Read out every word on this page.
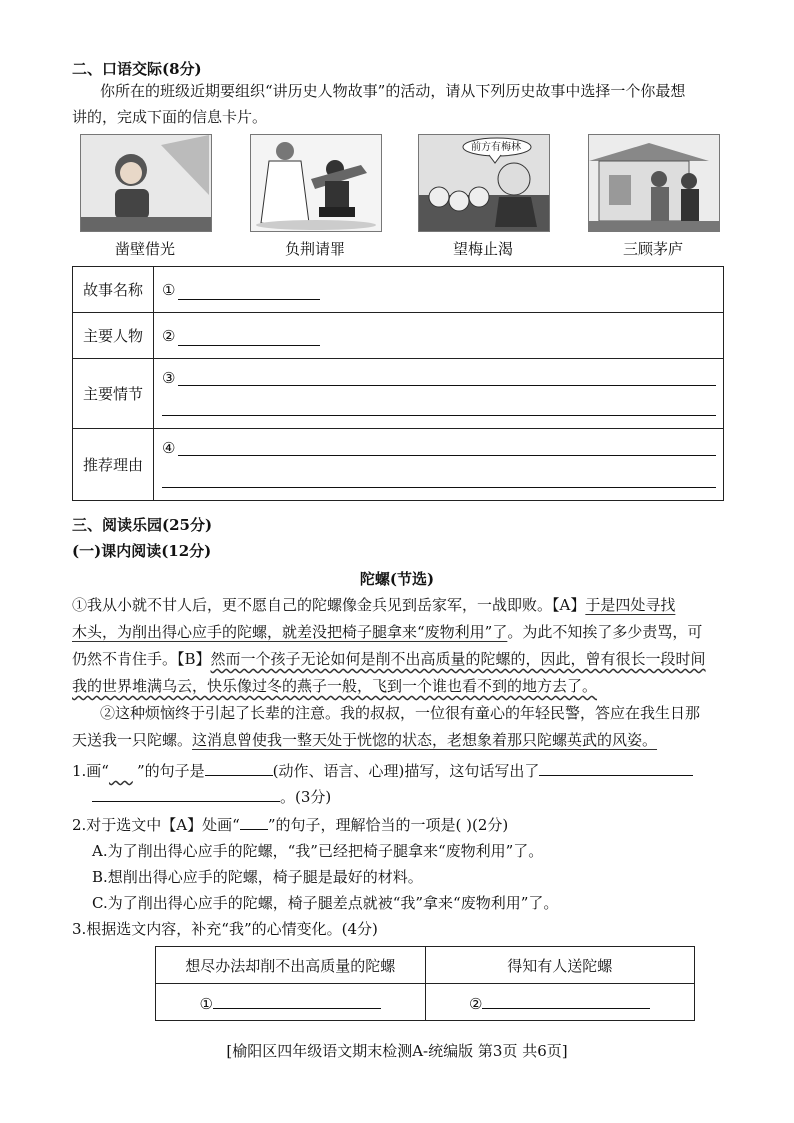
二、口语交际(8分)
你所在的班级近期要组织“讲历史人物故事”的活动，请从下列历史故事中选择一个你最想
讲的，完成下面的信息卡片。
凿壁借光	负荆请罪
前方有梅林
望梅止渴	三顾茅庐
故事名称	①

主要人物	②

主要情节	③

推荐理由	④
三、阅读乐园(25分)
(一)课内阅读(12分)
陀螺(节选)
①我从小就不甘人后，更不愿自己的陀螺像金兵见到岳家军，一战即败。【A】于是四处寻找
木头，为削出得心应手的陀螺，就差没把椅子腿拿来“废物利用”了。为此不知挨了多少责骂，可
仍然不肯住手。【B】然而一个孩子无论如何是削不出高质量的陀螺的，因此，曾有很长一段时间
我的世界堆满乌云，快乐像过冬的燕子一般，飞到一个谁也看不到的地方去了。
②这种烦恼终于引起了长辈的注意。我的叔叔，一位很有童心的年轻民警，答应在我生日那
天送我一只陀螺。这消息曾使我一整天处于恍惚的状态，老想象着那只陀螺英武的风姿。
1.画“ ”的句子是	(动作、语言、心理)描写，这句话写出了
。(3分)
2.对于选文中【A】处画“ ”的句子，理解恰当的一项是( )(2分)
A.为了削出得心应手的陀螺，“我”已经把椅子腿拿来“废物利用”了。
B.想削出得心应手的陀螺，椅子腿是最好的材料。
C.为了削出得心应手的陀螺，椅子腿差点就被“我”拿来“废物利用”了。
3.根据选文内容，补充“我”的心情变化。(4分)
想尽办法却削不出高质量的陀螺	得知有人送陀螺
①	②
[榆阳区四年级语文期末检测A-统编版 第3页 共6页]
